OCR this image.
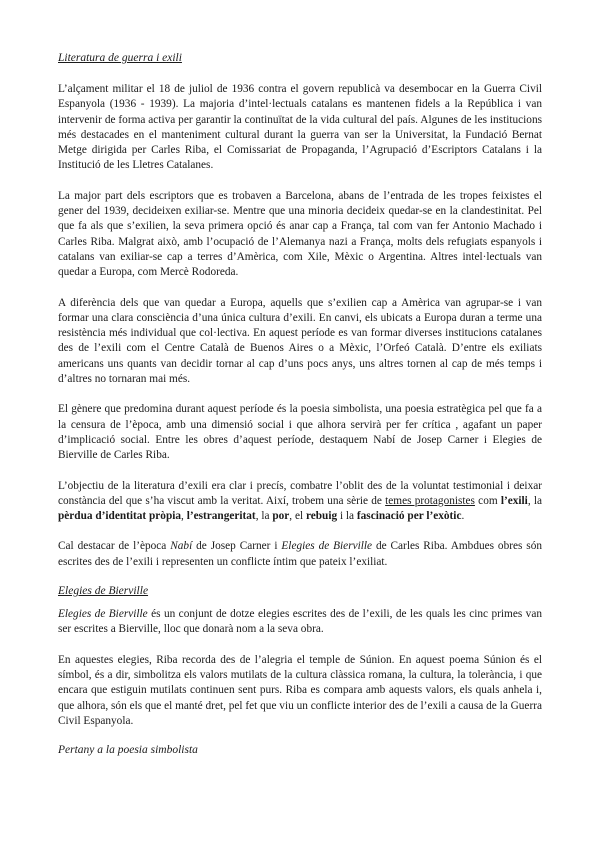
Literatura de guerra i exili

L’alçament militar el 18 de juliol de 1936 contra el govern republicà va desembocar en la Guerra Civil Espanyola (1936 - 1939). La majoria d’intel·lectuals catalans es mantenen fidels a la República i van intervenir de forma activa per garantir la continuïtat de la vida cultural del país. Algunes de les institucions més destacades en el manteniment cultural durant la guerra van ser la Universitat, la Fundació Bernat Metge dirigida per Carles Riba, el Comissariat de Propaganda, l’Agrupació d’Escriptors Catalans i la Institució de les Lletres Catalanes.

La major part dels escriptors que es trobaven a Barcelona, abans de l’entrada de les tropes feixistes el gener del 1939, decideixen exiliar-se. Mentre que una minoria decideix quedar-se en la clandestinitat. Pel que fa als que s’exilien, la seva primera opció és anar cap a França, tal com van fer Antonio Machado i Carles Riba. Malgrat això, amb l’ocupació de l’Alemanya nazi a França, molts dels refugiats espanyols i catalans van exiliar-se cap a terres d’Amèrica, com Xile, Mèxic o Argentina. Altres intel·lectuals van quedar a Europa, com Mercè Rodoreda.

A diferència dels que van quedar a Europa, aquells que s’exilien cap a Amèrica van agrupar-se i van formar una clara consciència d’una única cultura d’exili. En canvi, els ubicats a Europa duran a terme una resistència més individual que col·lectiva. En aquest període es van formar diverses institucions catalanes des de l’exili com el Centre Català de Buenos Aires o a Mèxic, l’Orfeó Català. D’entre els exiliats americans uns quants van decidir tornar al cap d’uns pocs anys, uns altres tornen al cap de més temps i d’altres no tornaran mai més.

El gènere que predomina durant aquest període és la poesia simbolista, una poesia estratègica pel que fa a la censura de l’època, amb una dimensió social i que alhora servirà per fer crítica , agafant un paper d’implicació social. Entre les obres d’aquest període, destaquem Nabí de Josep Carner i Elegies de Bierville de Carles Riba.

L’objectiu de la literatura d’exili era clar i precís, combatre l’oblit des de la voluntat testimonial i deixar constància del que s’ha viscut amb la veritat. Així, trobem una sèrie de temes protagonistes com l’exili, la pèrdua d’identitat pròpia, l’estrangeritat, la por, el rebuig i la fascinació per l’exòtic.

Cal destacar de l’època Nabí de Josep Carner i Elegies de Bierville de Carles Riba. Ambdues obres són escrites des de l’exili i representen un conflicte íntim que pateix l’exiliat.

Elegies de Bierville

Elegies de Bierville és un conjunt de dotze elegies escrites des de l’exili, de les quals les cinc primes van ser escrites a Bierville, lloc que donarà nom a la seva obra.

En aquestes elegies, Riba recorda des de l’alegria el temple de Súnion. En aquest poema Súnion és el símbol, és a dir, simbolitza els valors mutilats de la cultura clàssica romana, la cultura, la tolerància, i que encara que estiguin mutilats continuen sent purs. Riba es compara amb aquests valors, els quals anhela i, que alhora, són els que el manté dret, pel fet que viu un conflicte interior des de l’exili a causa de la Guerra Civil Espanyola.

Pertany a la poesia simbolista
